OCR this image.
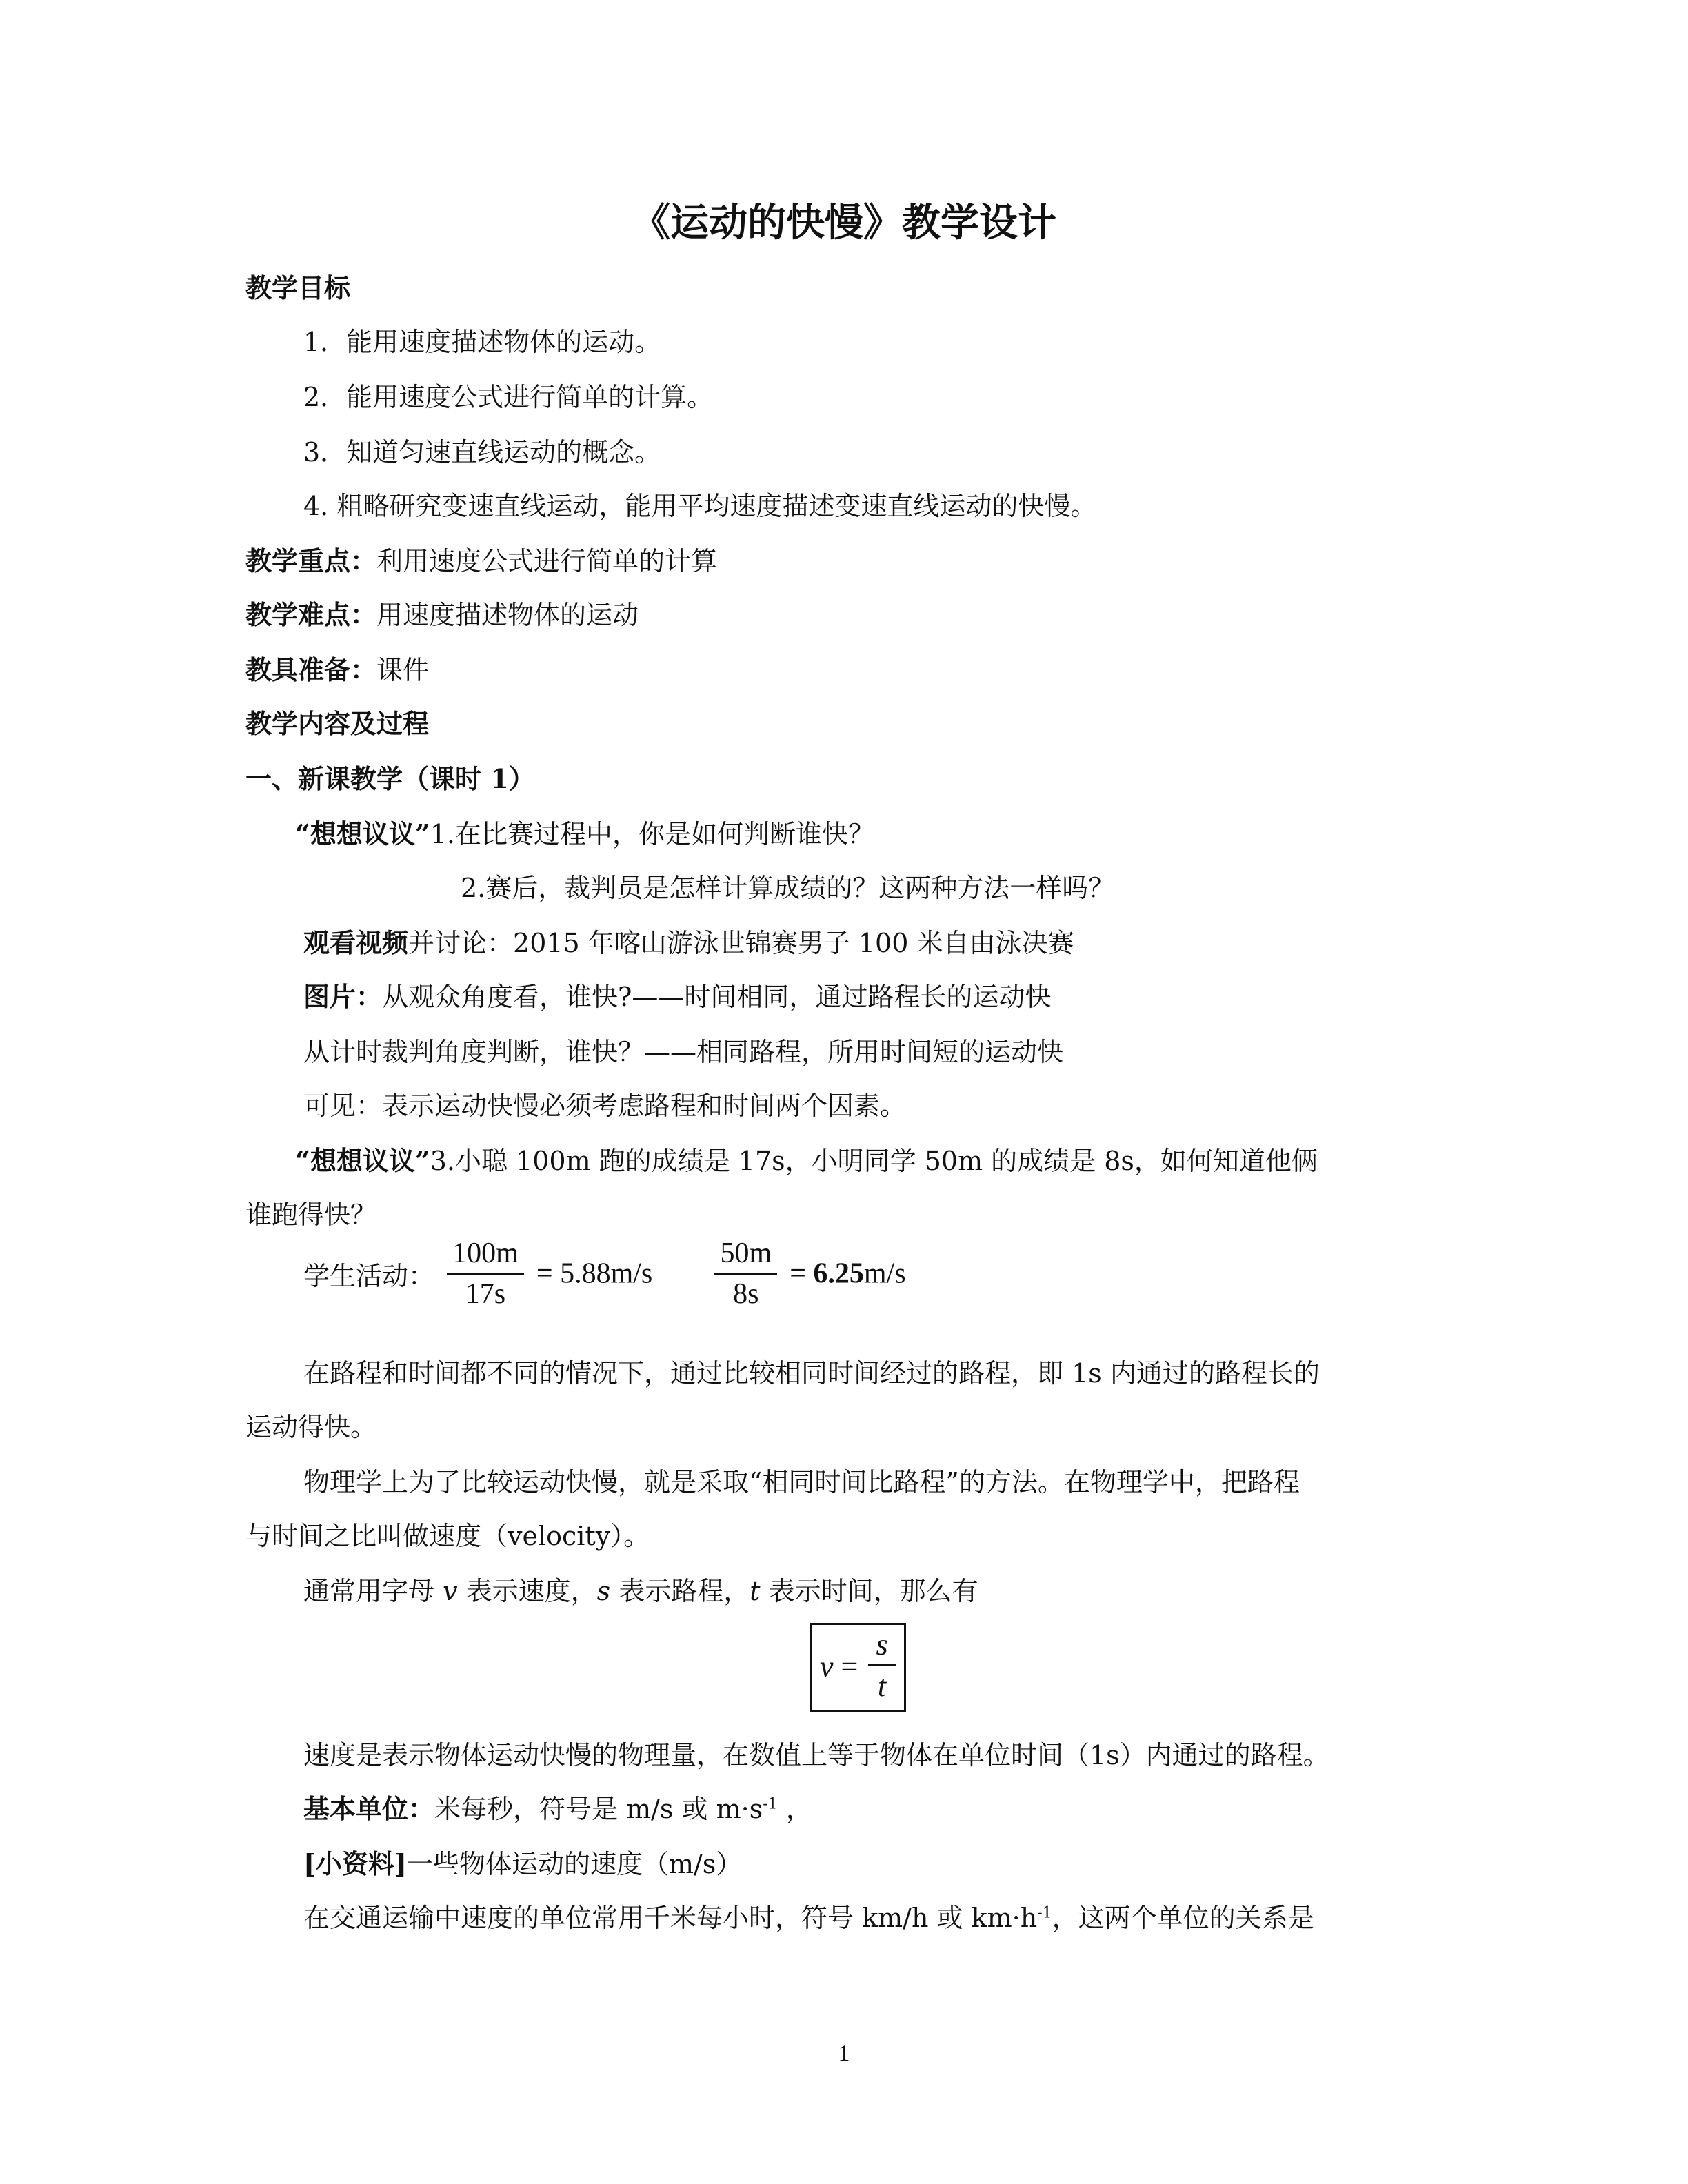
《运动的快慢》教学设计
教学目标
1．能用速度描述物体的运动。
2．能用速度公式进行简单的计算。
3．知道匀速直线运动的概念。
4. 粗略研究变速直线运动，能用平均速度描述变速直线运动的快慢。
教学重点：利用速度公式进行简单的计算
教学难点：用速度描述物体的运动
教具准备：课件
教学内容及过程
一、新课教学（课时 1）
“想想议议”1.在比赛过程中，你是如何判断谁快？
2.赛后，裁判员是怎样计算成绩的？这两种方法一样吗？
观看视频并讨论：2015 年喀山游泳世锦赛男子 100 米自由泳决赛
图片：从观众角度看，谁快?——时间相同，通过路程长的运动快
从计时裁判角度判断，谁快？——相同路程，所用时间短的运动快
可见：表示运动快慢必须考虑路程和时间两个因素。
“想想议议”3.小聪 100m 跑的成绩是 17s，小明同学 50m 的成绩是 8s，如何知道他俩
谁跑得快？
学生活动： $\frac{100m}{17s} = 5.88m/s \frac{50m}{8s} = 6.25m/s$
在路程和时间都不同的情况下，通过比较相同时间经过的路程，即 1s 内通过的路程长的
运动得快。
物理学上为了比较运动快慢，就是采取“相同时间比路程”的方法。在物理学中，把路程
与时间之比叫做速度（velocity）。
通常用字母 v 表示速度，s 表示路程，t 表示时间，那么有
$v = \frac{s}{t}$
速度是表示物体运动快慢的物理量，在数值上等于物体在单位时间（1s）内通过的路程。
基本单位：米每秒，符号是 m/s 或 $m\cdot s^{-1}$ ，
[小资料]一些物体运动的速度（m/s）
在交通运输中速度的单位常用千米每小时，符号 km/h 或 $km\cdot h^{-1}$，这两个单位的关系是
1
